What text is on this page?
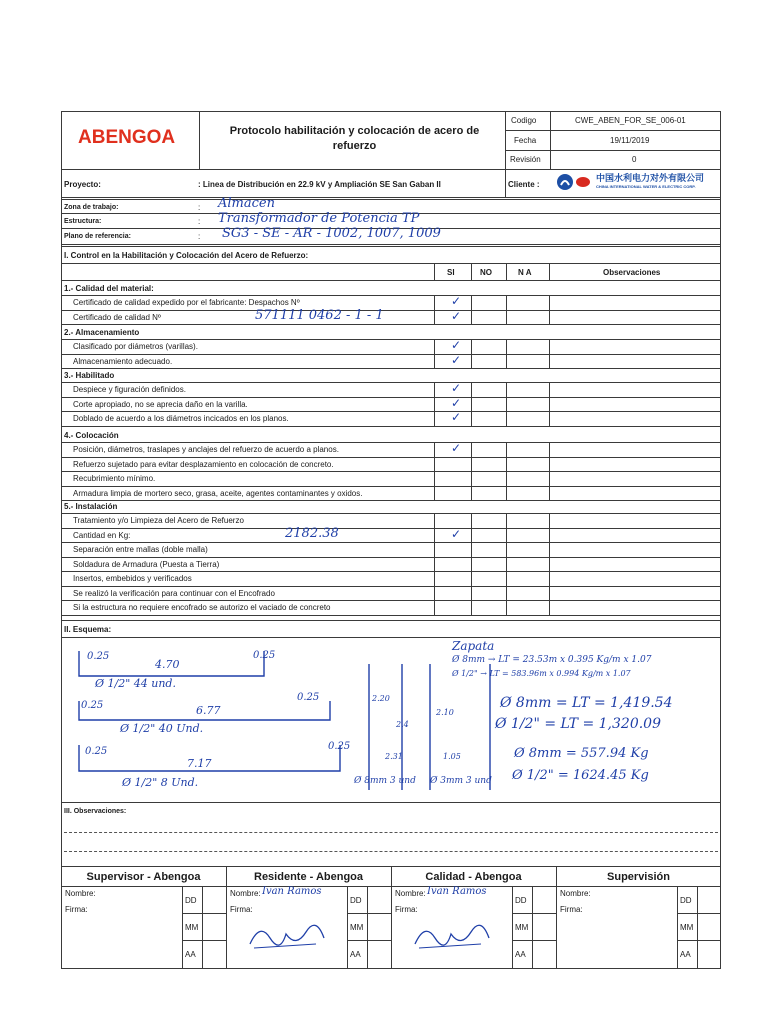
ABENGOA	Protocolo habilitación y colocación de acero de refuerzo
Codigo	CWE_ABEN_FOR_SE_006-01
Fecha	19/11/2019
Revisión	0
Proyecto:	: Linea de Distribución en 22.9 kV y Ampliación SE San Gaban II	Cliente :
中国水利电力对外有限公司
CHINA INTERNATIONAL WATER & ELECTRIC CORP.
Zona de trabajo:	: Almacen
Estructura:	: Transformador de Potencia TP
Plano de referencia:	: SG3 - SE - AR - 1002, 1007, 1009
I. Control en la Habilitación y Colocación del Acero de Refuerzo:
SI	NO	N A	Observaciones
1.- Calidad del material:
Certificado de calidad expedido por el fabricante: Despachos Nº	✓
Certificado de calidad Nº	571111 0462 - 1 - 1	✓
2.- Almacenamiento
Clasificado por diámetros (varillas).	✓
Almacenamiento adecuado.	✓
3.- Habilitado
Despiece y figuración definidos.	✓
Corte apropiado, no se aprecia daño en la varilla.	✓
Doblado de acuerdo a los diámetros incicados en los planos.	✓
4.- Colocación
Posición, diámetros, traslapes y anclajes del refuerzo de acuerdo a planos.	✓
Refuerzo sujetado para evitar desplazamiento en colocación de concreto.
Recubrimiento mínimo.
Armadura limpia de mortero seco, grasa, aceite, agentes contaminantes y oxidos.
5.- Instalación
Tratamiento y/o Limpieza del Acero de Refuerzo
Cantidad en Kg:	2182.38	✓
Separación entre mallas (doble malla)
Soldadura de Armadura (Puesta a Tierra)
Insertos, embebidos y verificados
Se realizó la verificación para continuar con el Encofrado
Si la estructura no requiere encofrado se autorizo el vaciado de concreto
II. Esquema:
0.25
4.70
0.25
Ø 1/2" 44 und.
0.25	6.77
0.25
Ø 1/2" 40 Und.
0.25
7.17
0.25
Ø 1/2" 8 Und.
2.20
2.4
2.31
Ø 8mm 3 und
2.10
1.05
Ø 3mm 3 und
Zapata
Ø 8mm → LT = 23.53m x 0.395 Kg/m x 1.07
Ø 1/2" → LT = 583.96m x 0.994 Kg/m x 1.07
Ø 8mm = LT = 1,419.54
Ø 1/2" = LT = 1,320.09
Ø 8mm = 557.94 Kg
Ø 1/2" = 1624.45 Kg
III. Observaciones:
Supervisor - Abengoa
Nombre:
Firma:
DD
MM
AA
Residente - Abengoa
Nombre: Ivan Ramos
Firma:
DD
MM
AA
Calidad - Abengoa
Nombre: Ivan Ramos
Firma:
DD
MM
AA
Supervisión
Nombre:
Firma:
DD
MM
AA
